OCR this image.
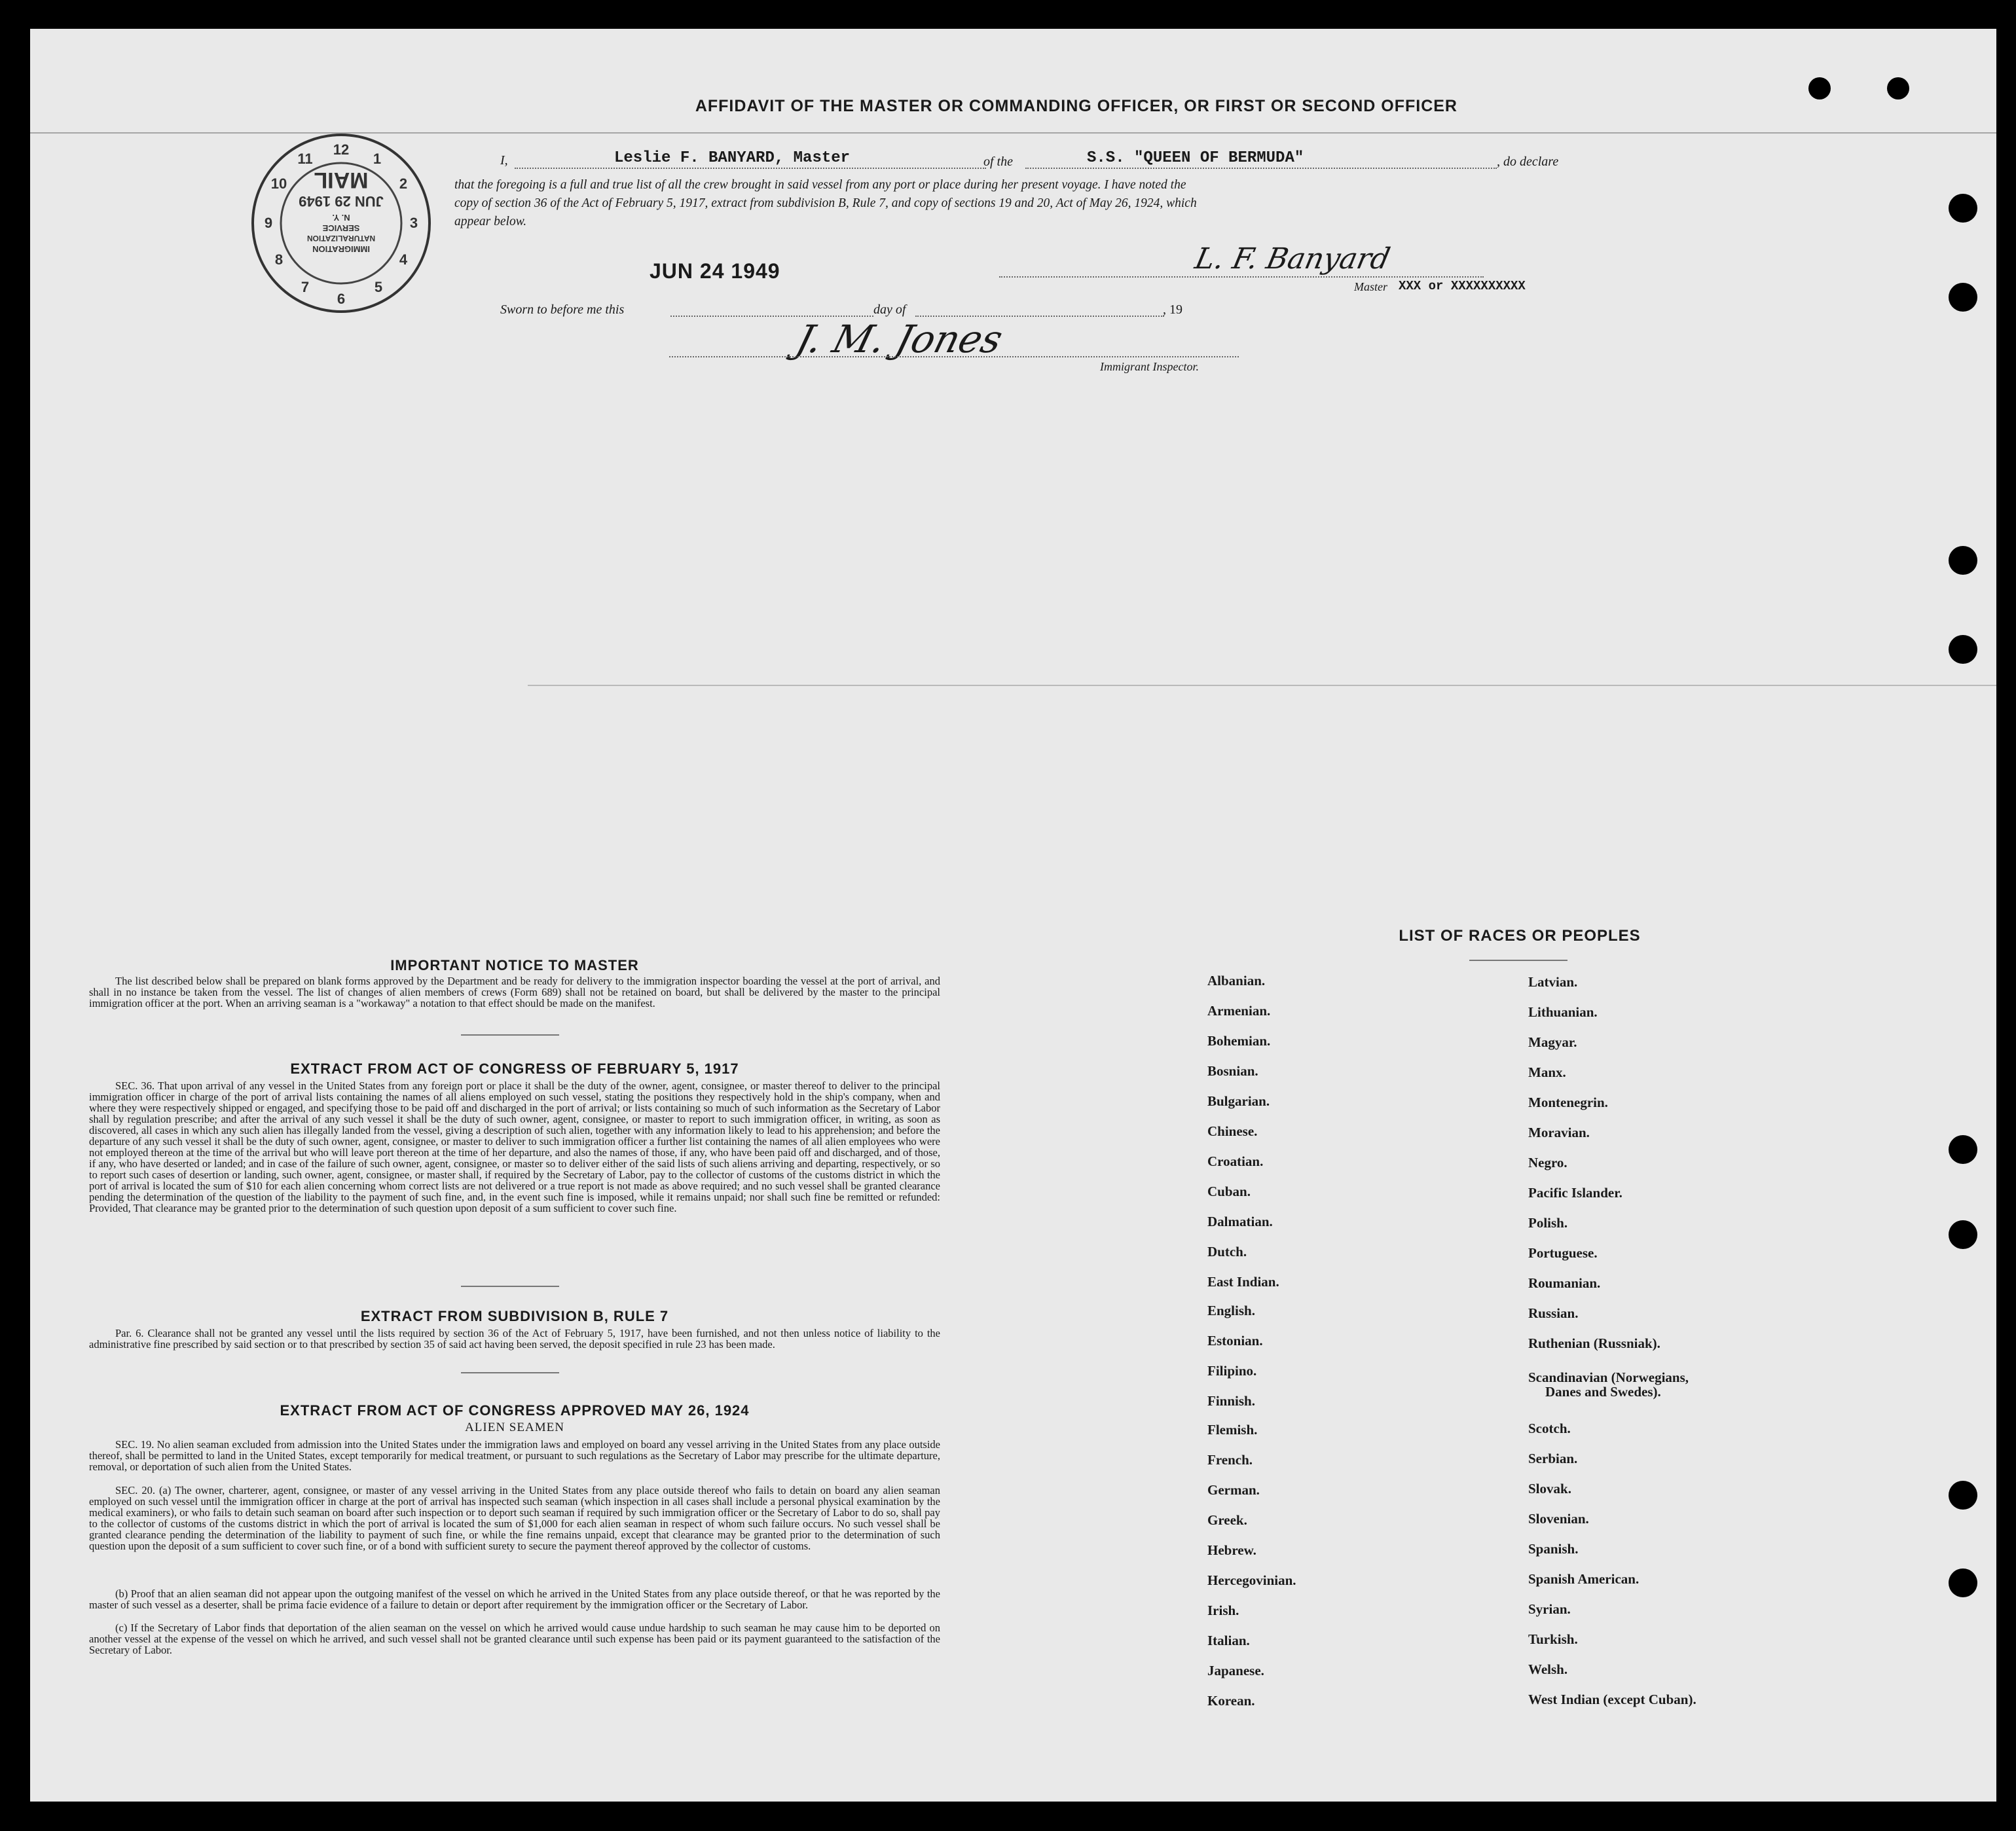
AFFIDAVIT OF THE MASTER OR COMMANDING OFFICER, OR FIRST OR SECOND OFFICER
12
1
2
3
4
5
6
7
8
9
10
11
IMMIGRATION
NATURALIZATION
SERVICE
N. Y.
JUN 29 1949
MAIL
I,	Leslie F. BANYARD, Master	of the	S.S. "QUEEN OF BERMUDA"	, do declare
that the foregoing is a full and true list of all the crew brought in said vessel from any port or place during her present voyage. I have noted the
copy of section 36 of the Act of February 5, 1917, extract from subdivision B, Rule 7, and copy of sections 19 and 20, Act of May 26, 1924, which
appear below.
JUN 24 1949	L. F. Banyard
Master XXX or XXXXXXXXXX
Sworn to before me this	day of	, 19
J. M. Jones
Immigrant Inspector.
IMPORTANT NOTICE TO MASTER
The list described below shall be prepared on blank forms approved by the Department and be ready for delivery to the immigration inspector boarding the vessel at the port of arrival, and shall in no instance be taken from the vessel. The list of changes of alien members of crews (Form 689) shall not be retained on board, but shall be delivered by the master to the principal immigration officer at the port. When an arriving seaman is a "workaway" a notation to that effect should be made on the manifest.
EXTRACT FROM ACT OF CONGRESS OF FEBRUARY 5, 1917
SEC. 36. That upon arrival of any vessel in the United States from any foreign port or place it shall be the duty of the owner, agent, consignee, or master thereof to deliver to the principal immigration officer in charge of the port of arrival lists containing the names of all aliens employed on such vessel, stating the positions they respectively hold in the ship's company, when and where they were respectively shipped or engaged, and specifying those to be paid off and discharged in the port of arrival; or lists containing so much of such information as the Secretary of Labor shall by regulation prescribe; and after the arrival of any such vessel it shall be the duty of such owner, agent, consignee, or master to report to such immigration officer, in writing, as soon as discovered, all cases in which any such alien has illegally landed from the vessel, giving a description of such alien, together with any information likely to lead to his apprehension; and before the departure of any such vessel it shall be the duty of such owner, agent, consignee, or master to deliver to such immigration officer a further list containing the names of all alien employees who were not employed thereon at the time of the arrival but who will leave port thereon at the time of her departure, and also the names of those, if any, who have been paid off and discharged, and of those, if any, who have deserted or landed; and in case of the failure of such owner, agent, consignee, or master so to deliver either of the said lists of such aliens arriving and departing, respectively, or so to report such cases of desertion or landing, such owner, agent, consignee, or master shall, if required by the Secretary of Labor, pay to the collector of customs of the customs district in which the port of arrival is located the sum of $10 for each alien concerning whom correct lists are not delivered or a true report is not made as above required; and no such vessel shall be granted clearance pending the determination of the question of the liability to the payment of such fine, and, in the event such fine is imposed, while it remains unpaid; nor shall such fine be remitted or refunded: Provided, That clearance may be granted prior to the determination of such question upon deposit of a sum sufficient to cover such fine.
EXTRACT FROM SUBDIVISION B, RULE 7
Par. 6. Clearance shall not be granted any vessel until the lists required by section 36 of the Act of February 5, 1917, have been furnished, and not then unless notice of liability to the administrative fine prescribed by said section or to that prescribed by section 35 of said act having been served, the deposit specified in rule 23 has been made.
EXTRACT FROM ACT OF CONGRESS APPROVED MAY 26, 1924
ALIEN SEAMEN
SEC. 19. No alien seaman excluded from admission into the United States under the immigration laws and employed on board any vessel arriving in the United States from any place outside thereof, shall be permitted to land in the United States, except temporarily for medical treatment, or pursuant to such regulations as the Secretary of Labor may prescribe for the ultimate departure, removal, or deportation of such alien from the United States.
SEC. 20. (a) The owner, charterer, agent, consignee, or master of any vessel arriving in the United States from any place outside thereof who fails to detain on board any alien seaman employed on such vessel until the immigration officer in charge at the port of arrival has inspected such seaman (which inspection in all cases shall include a personal physical examination by the medical examiners), or who fails to detain such seaman on board after such inspection or to deport such seaman if required by such immigration officer or the Secretary of Labor to do so, shall pay to the collector of customs of the customs district in which the port of arrival is located the sum of $1,000 for each alien seaman in respect of whom such failure occurs. No such vessel shall be granted clearance pending the determination of the liability to payment of such fine, or while the fine remains unpaid, except that clearance may be granted prior to the determination of such question upon the deposit of a sum sufficient to cover such fine, or of a bond with sufficient surety to secure the payment thereof approved by the collector of customs.
(b) Proof that an alien seaman did not appear upon the outgoing manifest of the vessel on which he arrived in the United States from any place outside thereof, or that he was reported by the master of such vessel as a deserter, shall be prima facie evidence of a failure to detain or deport after requirement by the immigration officer or the Secretary of Labor.
(c) If the Secretary of Labor finds that deportation of the alien seaman on the vessel on which he arrived would cause undue hardship to such seaman he may cause him to be deported on another vessel at the expense of the vessel on which he arrived, and such vessel shall not be granted clearance until such expense has been paid or its payment guaranteed to the satisfaction of the Secretary of Labor.
LIST OF RACES OR PEOPLES
Albanian.
Armenian.
Bohemian.
Bosnian.
Bulgarian.
Chinese.
Croatian.
Cuban.
Dalmatian.
Dutch.
East Indian.
English.
Estonian.
Filipino.
Finnish.
Flemish.
French.
German.
Greek.
Hebrew.
Hercegovinian.
Irish.
Italian.
Japanese.
Korean.
Latvian.
Lithuanian.
Magyar.
Manx.
Montenegrin.
Moravian.
Negro.
Pacific Islander.
Polish.
Portuguese.
Roumanian.
Russian.
Ruthenian (Russniak).
Scandinavian (Norwegians,
Danes and Swedes).
Scotch.
Serbian.
Slovak.
Slovenian.
Spanish.
Spanish American.
Syrian.
Turkish.
Welsh.
West Indian (except Cuban).
